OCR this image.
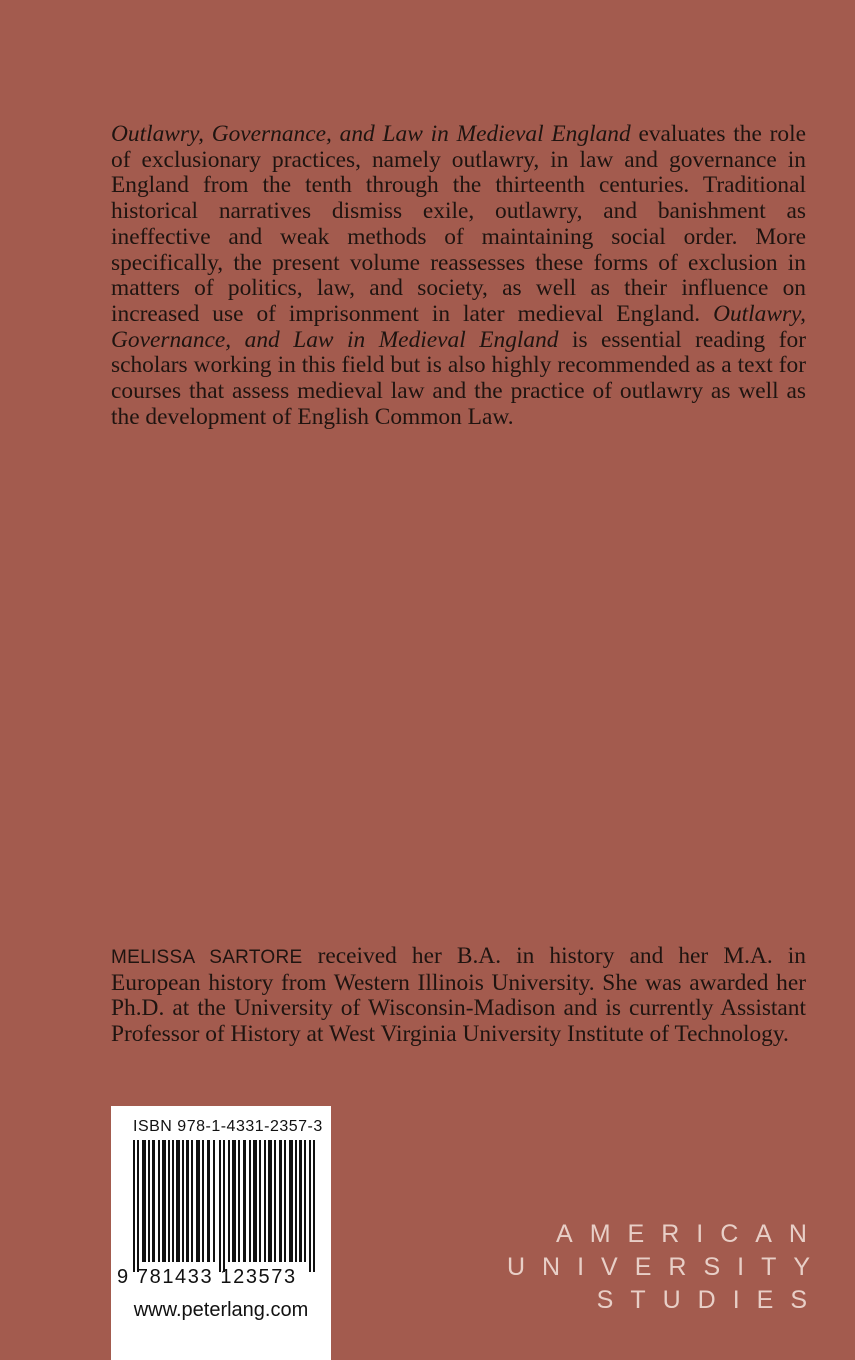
Outlawry, Governance, and Law in Medieval England evaluates the role of exclusionary practices, namely outlawry, in law and governance in England from the tenth through the thirteenth centuries. Traditional historical narratives dismiss exile, outlawry, and banishment as ineffective and weak methods of maintaining social order. More specifically, the present volume reassesses these forms of exclusion in matters of politics, law, and society, as well as their influence on increased use of imprisonment in later medieval England. Outlawry, Governance, and Law in Medieval England is essential reading for scholars working in this field but is also highly recommended as a text for courses that assess medieval law and the practice of outlawry as well as the development of English Common Law.

MELISSA SARTORE received her B.A. in history and her M.A. in European history from Western Illinois University. She was awarded her Ph.D. at the University of Wisconsin-Madison and is currently Assistant Professor of History at West Virginia University Institute of Technology.

ISBN 978-1-4331-2357-3
9 781433 123573
www.peterlang.com
AMERICAN
UNIVERSITY
STUDIES
